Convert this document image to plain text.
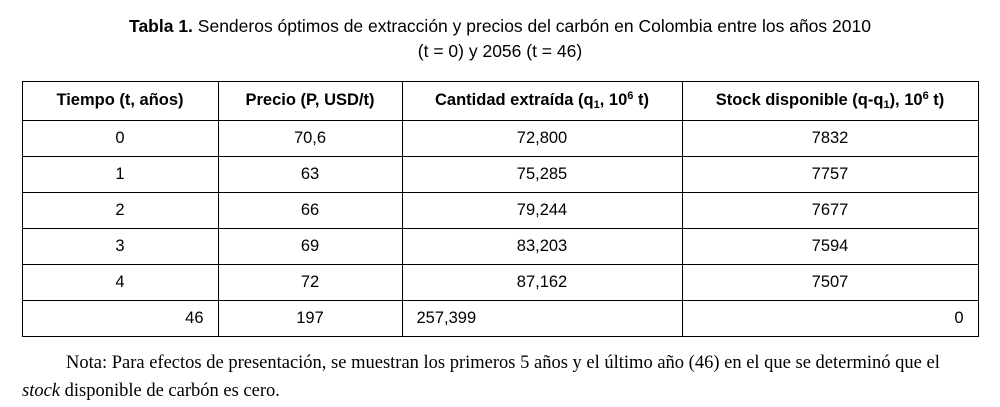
Tabla 1. Senderos óptimos de extracción y precios del carbón en Colombia entre los años 2010
(t = 0) y 2056 (t = 46)
Tiempo (t, años)	Precio (P, USD/t)	Cantidad extraída ($q_1$, $10^6$ t)	Stock disponible $(q-q_1)$, $10^6$ t)
0	70,6	72,800	7832
1	63	75,285	7757
2	66	79,244	7677
3	69	83,203	7594
4	72	87,162	7507
46	197	257,399	0
Nota: Para efectos de presentación, se muestran los primeros 5 años y el último año (46) en el que se determinó que el stock disponible de carbón es cero.
